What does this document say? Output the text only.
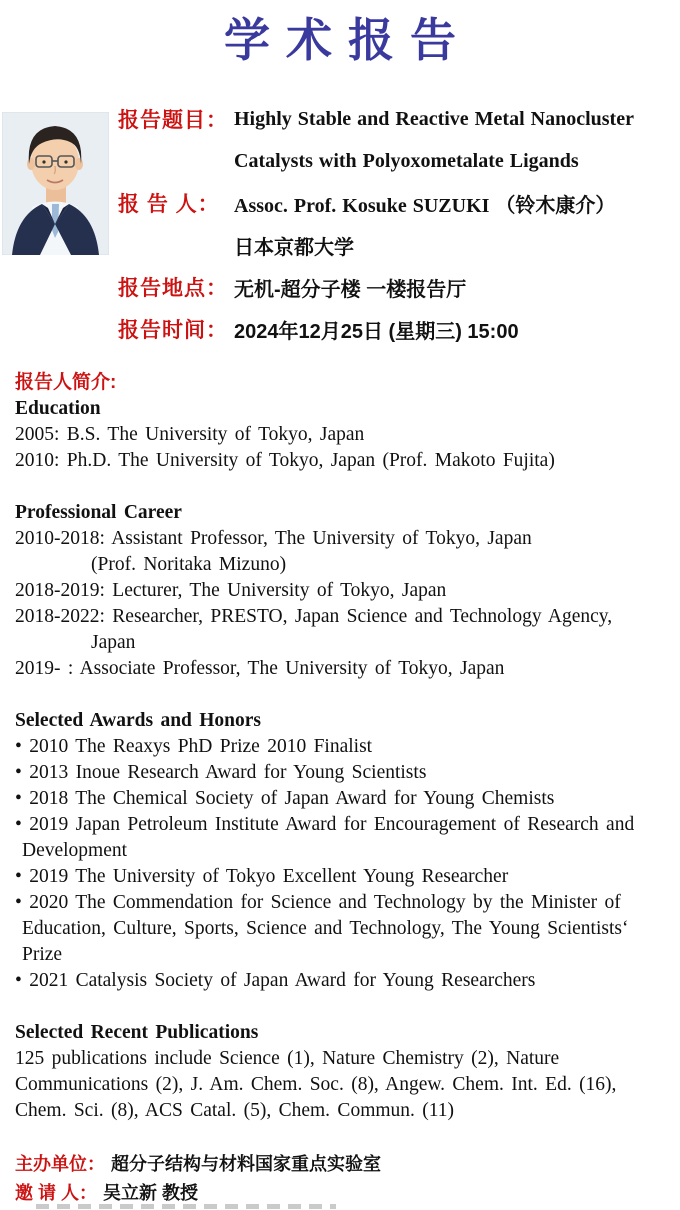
学术报告
报告题目： Highly Stable and Reactive Metal Nanocluster
Catalysts with Polyoxometalate Ligands
报 告 人： Assoc. Prof. Kosuke SUZUKI （铃木康介）
日本京都大学
报告地点： 无机-超分子楼 一楼报告厅
报告时间： 2024年12月25日 (星期三) 15:00
报告人简介:
Education
2005: B.S. The University of Tokyo, Japan
2010: Ph.D. The University of Tokyo, Japan (Prof. Makoto Fujita)
Professional Career
2010-2018: Assistant Professor, The University of Tokyo, Japan
(Prof. Noritaka Mizuno)
2018-2019: Lecturer, The University of Tokyo, Japan
2018-2022: Researcher, PRESTO, Japan Science and Technology Agency,
Japan
2019- : Associate Professor, The University of Tokyo, Japan
Selected Awards and Honors
• 2010 The Reaxys PhD Prize 2010 Finalist
• 2013 Inoue Research Award for Young Scientists
• 2018 The Chemical Society of Japan Award for Young Chemists
• 2019 Japan Petroleum Institute Award for Encouragement of Research and
Development
• 2019 The University of Tokyo Excellent Young Researcher
• 2020 The Commendation for Science and Technology by the Minister of
Education, Culture, Sports, Science and Technology, The Young Scientists‘
Prize
• 2021 Catalysis Society of Japan Award for Young Researchers
Selected Recent Publications
125 publications include Science (1), Nature Chemistry (2), Nature
Communications (2), J. Am. Chem. Soc. (8), Angew. Chem. Int. Ed. (16),
Chem. Sci. (8), ACS Catal. (5), Chem. Commun. (11)
主办单位： 超分子结构与材料国家重点实验室
邀 请 人： 吴立新 教授
